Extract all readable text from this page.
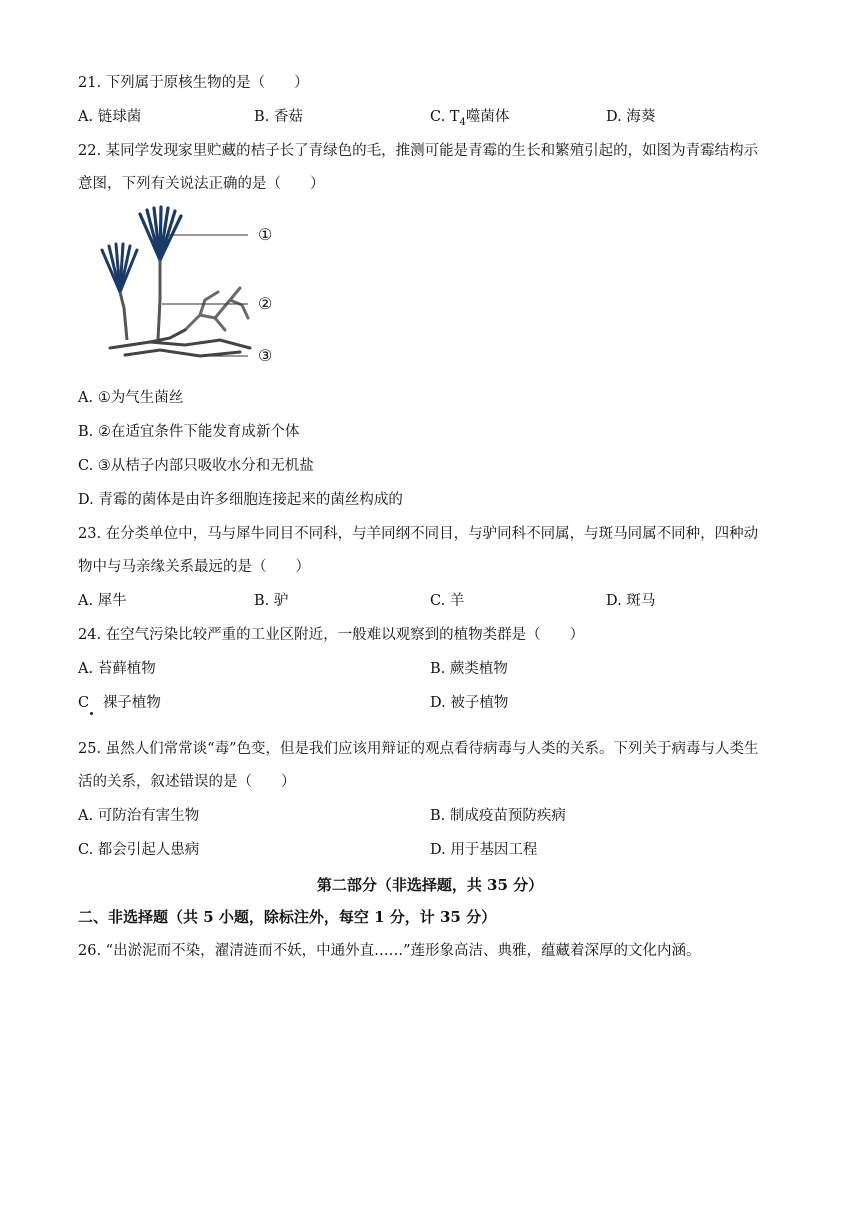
21. 下列属于原核生物的是（　　）
A. 链球菌	B. 香菇	C. $T_4$噬菌体	D. 海葵
22. 某同学发现家里贮藏的桔子长了青绿色的毛，推测可能是青霉的生长和繁殖引起的，如图为青霉结构示
意图，下列有关说法正确的是（　　）
①
②
③
A. ①为气生菌丝
B. ②在适宜条件下能发育成新个体
C. ③从桔子内部只吸收水分和无机盐
D. 青霉的菌体是由许多细胞连接起来的菌丝构成的
23. 在分类单位中，马与犀牛同目不同科，与羊同纲不同目，与驴同科不同属，与斑马同属不同种，四种动
物中与马亲缘关系最远的是（　　）
A. 犀牛	B. 驴	C. 羊	D. 斑马
24. 在空气污染比较严重的工业区附近，一般难以观察到的植物类群是（　　）
A. 苔藓植物	B. 蕨类植物
C   裸子植物	D. 被子植物
25. 虽然人们常常谈“毒”色变，但是我们应该用辩证的观点看待病毒与人类的关系。下列关于病毒与人类生
活的关系，叙述错误的是（　　）
A. 可防治有害生物	B. 制成疫苗预防疾病
C. 都会引起人患病	D. 用于基因工程
第二部分（非选择题，共 35 分）
二、非选择题（共 5 小题，除标注外，每空 1 分，计 35 分）
26. “出淤泥而不染，濯清涟而不妖，中通外直……”莲形象高洁、典雅，蕴藏着深厚的文化内涵。
